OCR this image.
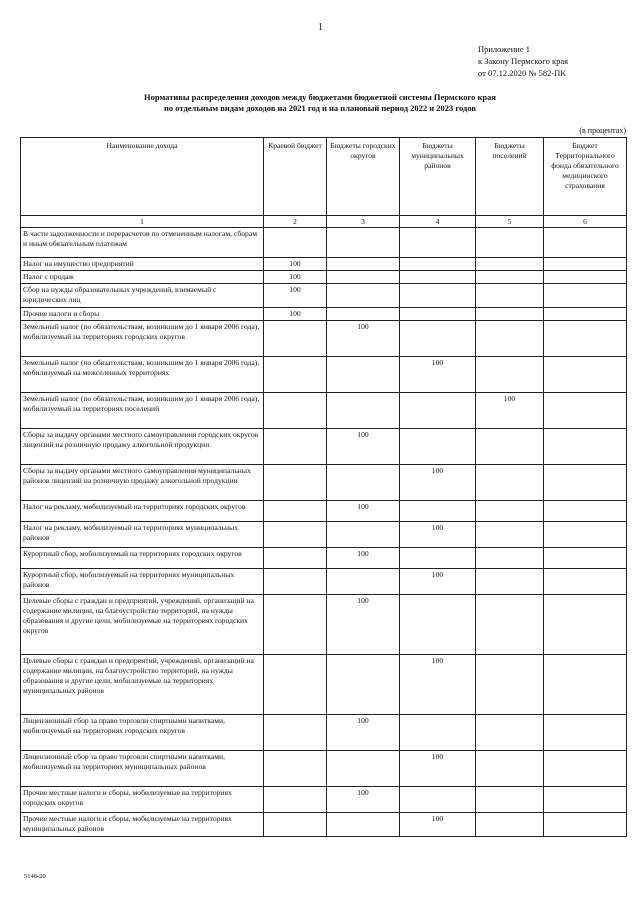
1
Приложение 1
к Закону Пермского края
от 07.12.2020 № 582-ПК
Нормативы распределения доходов между бюджетами бюджетной системы Пермского края
по отдельным видам доходов на 2021 год и на плановый период 2022 и 2023 годов
(в процентах)
Наименование дохода	Краевой бюджет	Бюджеты городских округов	Бюджеты муниципальных районов	Бюджеты поселений	Бюджет Территориального фонда обязательного медицинского страхования
1	2	3	4	5	6
В части задолженности и перерасчетов по отмененным налогам, сборам и иным обязательным платежам					
Налог на имущество предприятий	100				
Налог с продаж	100				
Сбор на нужды образовательных учреждений, взимаемый с юридических лиц	100				
Прочие налоги и сборы	100				
Земельный налог (по обязательствам, возникшим до 1 января 2006 года), мобилизуемый на территориях городских округов		100			
Земельный налог (по обязательствам, возникшим до 1 января 2006 года), мобилизуемый на межселенных территориях			100		
Земельный налог (по обязательствам, возникшим до 1 января 2006 года), мобилизуемый на территориях поселений				100	
Сборы за выдачу органами местного самоуправления городских округов лицензий на розничную продажу алкогольной продукции		100			
Сборы за выдачу органами местного самоуправления муниципальных районов лицензий на розничную продажу алкогольной продукции			100		
Налог на рекламу, мобилизуемый на территориях городских округов		100			
Налог на рекламу, мобилизуемый на территориях муниципальных районов			100		
Курортный сбор, мобилизуемый на территориях городских округов		100			
Курортный сбор, мобилизуемый на территориях муниципальных районов			100		
Целевые сборы с граждан и предприятий, учреждений, организаций на содержание милиции, на благоустройство территорий, на нужды образования и другие цели, мобилизуемые на территориях городских округов		100			
Целевые сборы с граждан и предприятий, учреждений, организаций на содержание милиции, на благоустройство территорий, на нужды образования и другие цели, мобилизуемые на территориях муниципальных районов			100		
Лицензионный сбор за право торговли спиртными напитками, мобилизуемый на территориях городских округов		100			
Лицензионный сбор за право торговли спиртными напитками, мобилизуемый на территориях муниципальных районов			100		
Прочие местные налоги и сборы, мобилизуемые на территориях городских округов		100			
Прочие местные налоги и сборы, мобилизуемые на территориях муниципальных районов			100		
5148-20
